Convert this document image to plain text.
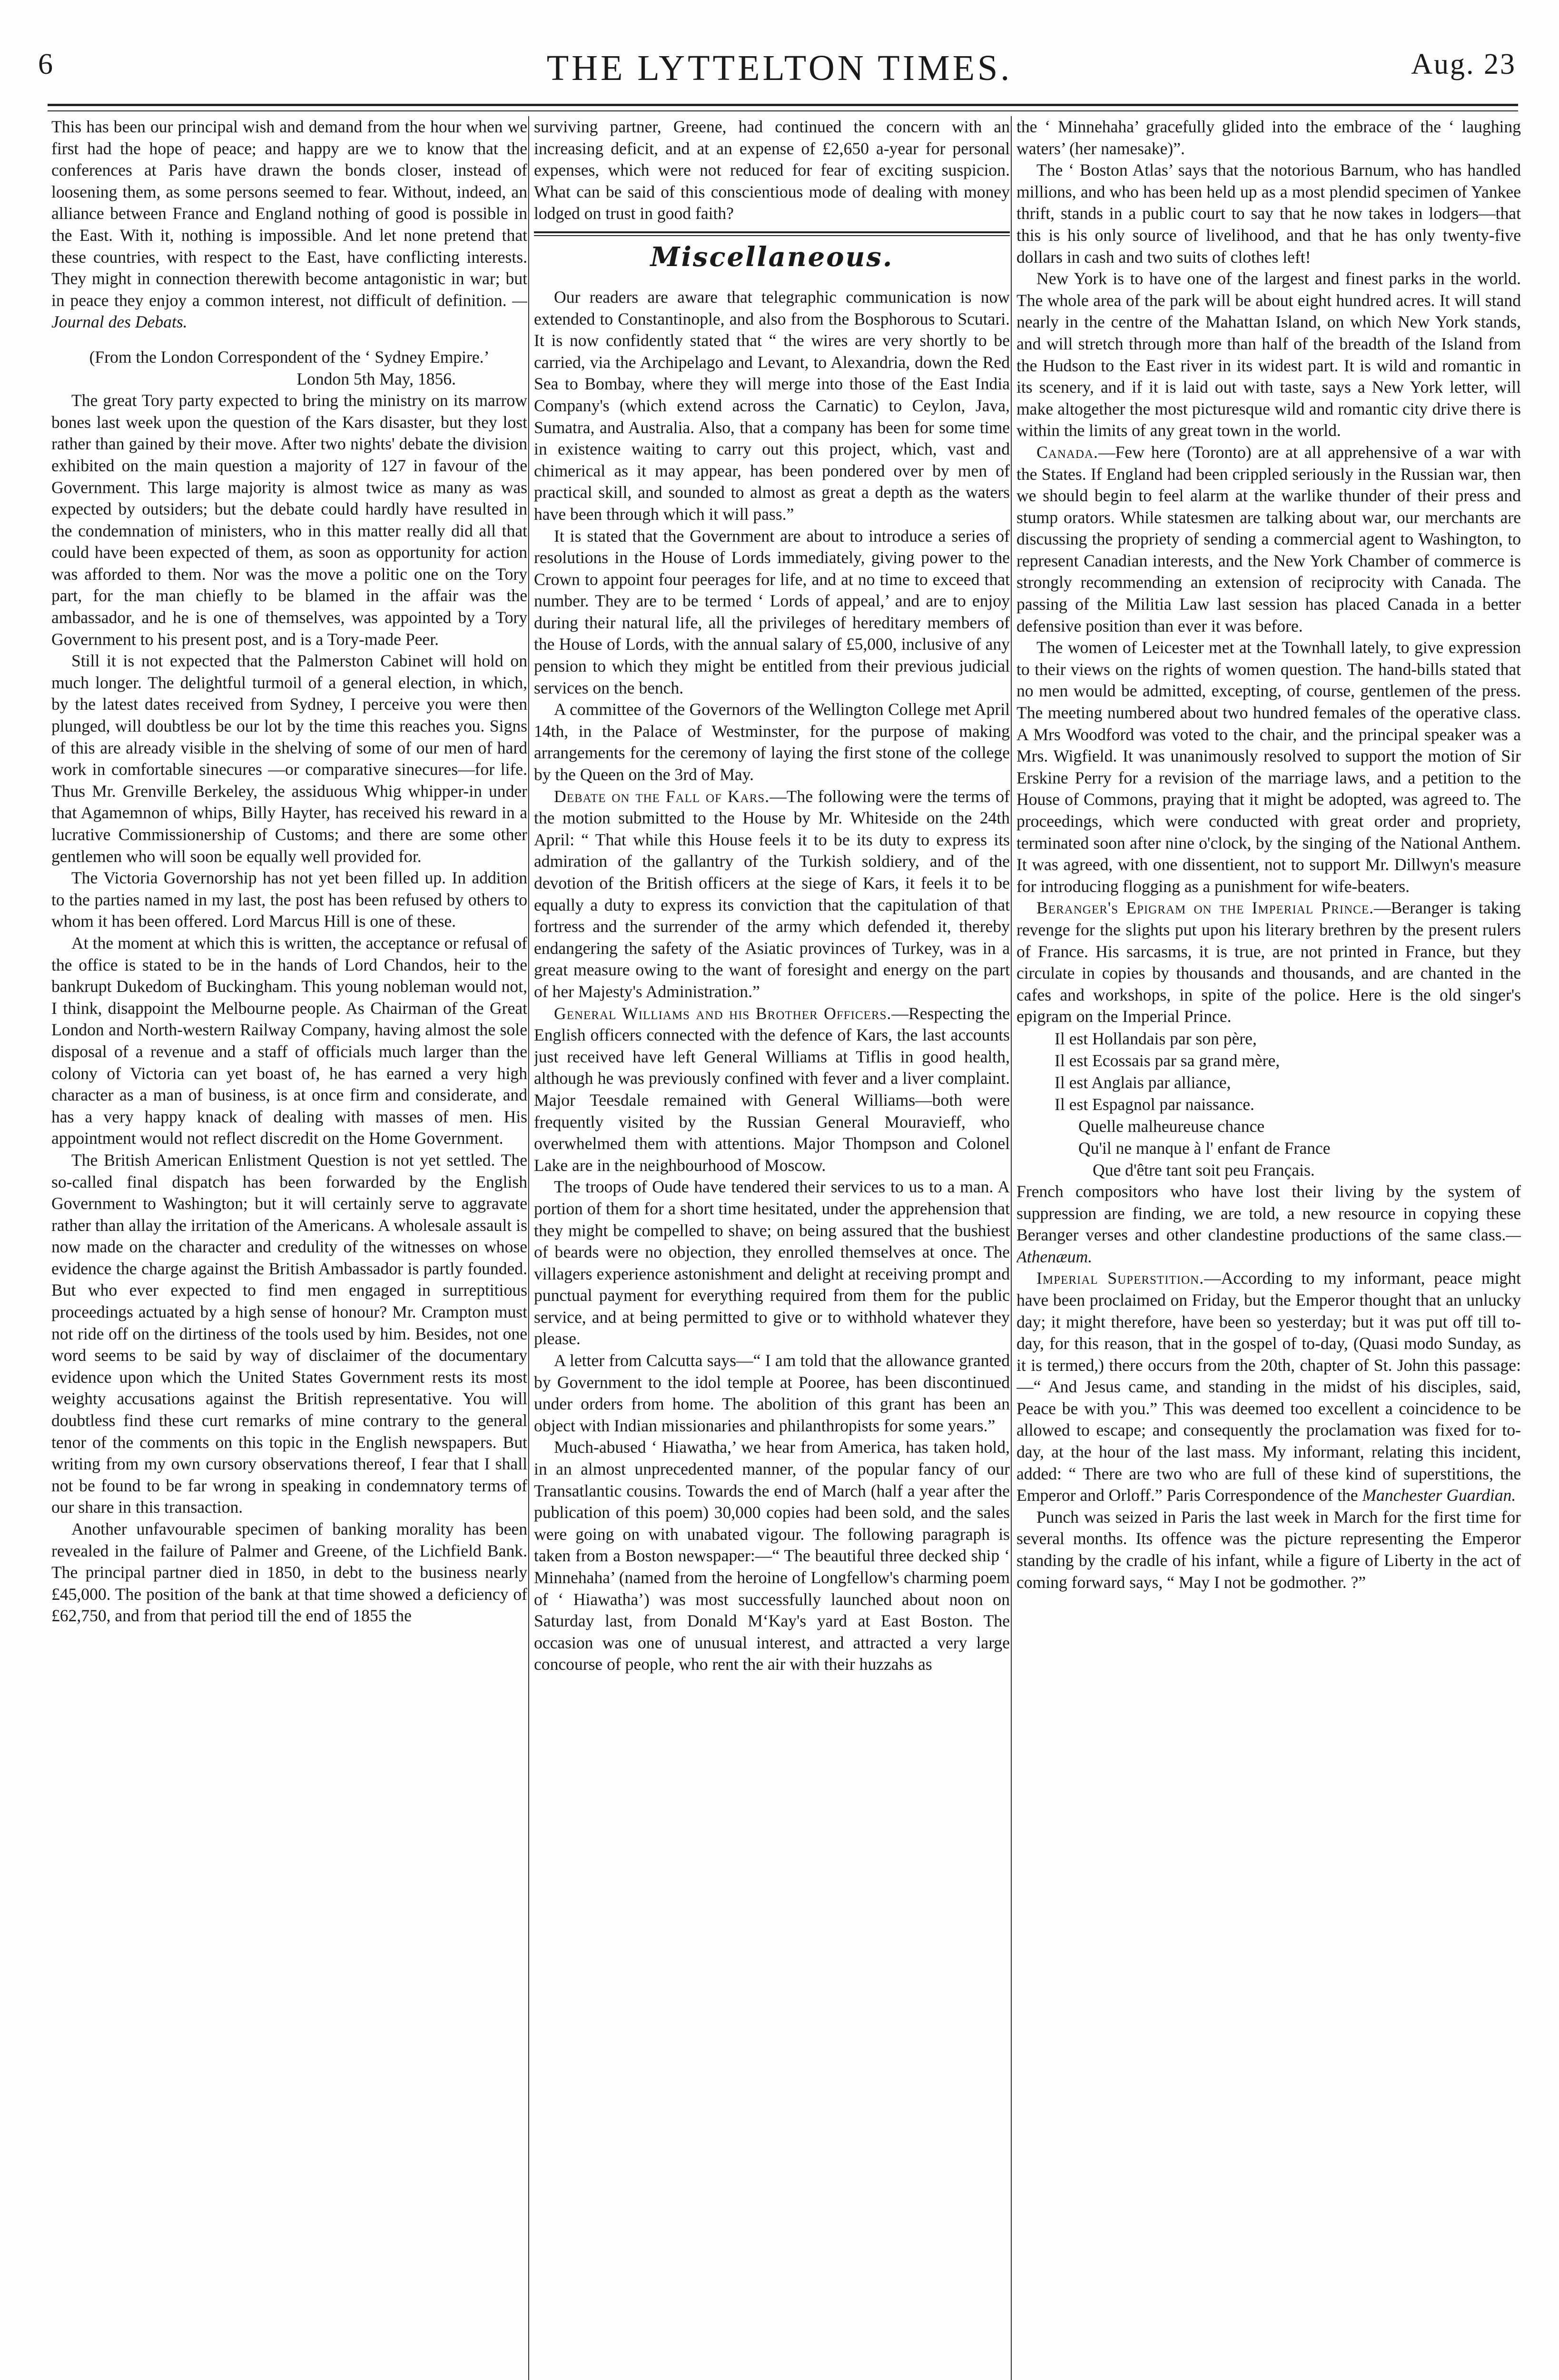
6	THE LYTTELTON TIMES.	Aug. 23

This has been our principal wish and demand from the hour when we first had the hope of peace; and happy are we to know that the conferences at Paris have drawn the bonds closer, instead of loosening them, as some persons seemed to fear. Without, indeed, an alliance between France and England nothing of good is possible in the East. With it, nothing is impossible. And let none pretend that these countries, with respect to the East, have conflicting interests. They might in connection therewith become antagonistic in war; but in peace they enjoy a common interest, not difficult of definition. —Journal des Debats.

(From the London Correspondent of the ‘ Sydney Empire.’

London 5th May, 1856.

The great Tory party expected to bring the ministry on its marrow bones last week upon the question of the Kars disaster, but they lost rather than gained by their move. After two nights' debate the division exhibited on the main question a majority of 127 in favour of the Government. This large majority is almost twice as many as was expected by outsiders; but the debate could hardly have resulted in the condemnation of ministers, who in this matter really did all that could have been expected of them, as soon as opportunity for action was afforded to them. Nor was the move a politic one on the Tory part, for the man chiefly to be blamed in the affair was the ambassador, and he is one of themselves, was appointed by a Tory Government to his present post, and is a Tory-made Peer.

Still it is not expected that the Palmerston Cabinet will hold on much longer. The delightful turmoil of a general election, in which, by the latest dates received from Sydney, I perceive you were then plunged, will doubtless be our lot by the time this reaches you. Signs of this are already visible in the shelving of some of our men of hard work in comfortable sinecures —or comparative sinecures—for life. Thus Mr. Grenville Berkeley, the assiduous Whig whipper-in under that Agamemnon of whips, Billy Hayter, has received his reward in a lucrative Commissionership of Customs; and there are some other gentlemen who will soon be equally well provided for.

The Victoria Governorship has not yet been filled up. In addition to the parties named in my last, the post has been refused by others to whom it has been offered. Lord Marcus Hill is one of these.

At the moment at which this is written, the acceptance or refusal of the office is stated to be in the hands of Lord Chandos, heir to the bankrupt Dukedom of Buckingham. This young nobleman would not, I think, disappoint the Melbourne people. As Chairman of the Great London and North-western Railway Company, having almost the sole disposal of a revenue and a staff of officials much larger than the colony of Victoria can yet boast of, he has earned a very high character as a man of business, is at once firm and considerate, and has a very happy knack of dealing with masses of men. His appointment would not reflect discredit on the Home Government.

The British American Enlistment Question is not yet settled. The so-called final dispatch has been forwarded by the English Government to Washington; but it will certainly serve to aggravate rather than allay the irritation of the Americans. A wholesale assault is now made on the character and credulity of the witnesses on whose evidence the charge against the British Ambassador is partly founded. But who ever expected to find men engaged in surreptitious proceedings actuated by a high sense of honour? Mr. Crampton must not ride off on the dirtiness of the tools used by him. Besides, not one word seems to be said by way of disclaimer of the documentary evidence upon which the United States Government rests its most weighty accusations against the British representative. You will doubtless find these curt remarks of mine contrary to the general tenor of the comments on this topic in the English newspapers. But writing from my own cursory observations thereof, I fear that I shall not be found to be far wrong in speaking in condemnatory terms of our share in this transaction.

Another unfavourable specimen of banking morality has been revealed in the failure of Palmer and Greene, of the Lichfield Bank. The principal partner died in 1850, in debt to the business nearly £45,000. The position of the bank at that time showed a deficiency of £62,750, and from that period till the end of 1855 the

surviving partner, Greene, had continued the concern with an increasing deficit, and at an expense of £2,650 a-year for personal expenses, which were not reduced for fear of exciting suspicion. What can be said of this conscientious mode of dealing with money lodged on trust in good faith?

Miscellaneous.

Our readers are aware that telegraphic communication is now extended to Constantinople, and also from the Bosphorous to Scutari. It is now confidently stated that “ the wires are very shortly to be carried, via the Archipelago and Levant, to Alexandria, down the Red Sea to Bombay, where they will merge into those of the East India Company's (which extend across the Carnatic) to Ceylon, Java, Sumatra, and Australia. Also, that a company has been for some time in existence waiting to carry out this project, which, vast and chimerical as it may appear, has been pondered over by men of practical skill, and sounded to almost as great a depth as the waters have been through which it will pass.”

It is stated that the Government are about to introduce a series of resolutions in the House of Lords immediately, giving power to the Crown to appoint four peerages for life, and at no time to exceed that number. They are to be termed ‘ Lords of appeal,’ and are to enjoy during their natural life, all the privileges of hereditary members of the House of Lords, with the annual salary of £5,000, inclusive of any pension to which they might be entitled from their previous judicial services on the bench.

A committee of the Governors of the Wellington College met April 14th, in the Palace of Westminster, for the purpose of making arrangements for the ceremony of laying the first stone of the college by the Queen on the 3rd of May.

Debate on the Fall of Kars.—The following were the terms of the motion submitted to the House by Mr. Whiteside on the 24th April: “ That while this House feels it to be its duty to express its admiration of the gallantry of the Turkish soldiery, and of the devotion of the British officers at the siege of Kars, it feels it to be equally a duty to express its conviction that the capitulation of that fortress and the surrender of the army which defended it, thereby endangering the safety of the Asiatic provinces of Turkey, was in a great measure owing to the want of foresight and energy on the part of her Majesty's Administration.”

General Williams and his Brother Officers.—Respecting the English officers connected with the defence of Kars, the last accounts just received have left General Williams at Tiflis in good health, although he was previously confined with fever and a liver complaint. Major Teesdale remained with General Williams—both were frequently visited by the Russian General Mouravieff, who overwhelmed them with attentions. Major Thompson and Colonel Lake are in the neighbourhood of Moscow.

The troops of Oude have tendered their services to us to a man. A portion of them for a short time hesitated, under the apprehension that they might be compelled to shave; on being assured that the bushiest of beards were no objection, they enrolled themselves at once. The villagers experience astonishment and delight at receiving prompt and punctual payment for everything required from them for the public service, and at being permitted to give or to withhold whatever they please.

A letter from Calcutta says—“ I am told that the allowance granted by Government to the idol temple at Pooree, has been discontinued under orders from home. The abolition of this grant has been an object with Indian missionaries and philanthropists for some years.”

Much-abused ‘ Hiawatha,’ we hear from America, has taken hold, in an almost unprecedented manner, of the popular fancy of our Transatlantic cousins. Towards the end of March (half a year after the publication of this poem) 30,000 copies had been sold, and the sales were going on with unabated vigour. The following paragraph is taken from a Boston newspaper:—“ The beautiful three decked ship ‘ Minnehaha’ (named from the heroine of Longfellow's charming poem of ‘ Hiawatha’) was most successfully launched about noon on Saturday last, from Donald M‘Kay's yard at East Boston. The occasion was one of unusual interest, and attracted a very large concourse of people, who rent the air with their huzzahs as

the ‘ Minnehaha’ gracefully glided into the embrace of the ‘ laughing waters’ (her namesake)”.

The ‘ Boston Atlas’ says that the notorious Barnum, who has handled millions, and who has been held up as a most plendid specimen of Yankee thrift, stands in a public court to say that he now takes in lodgers—that this is his only source of livelihood, and that he has only twenty-five dollars in cash and two suits of clothes left!

New York is to have one of the largest and finest parks in the world. The whole area of the park will be about eight hundred acres. It will stand nearly in the centre of the Mahattan Island, on which New York stands, and will stretch through more than half of the breadth of the Island from the Hudson to the East river in its widest part. It is wild and romantic in its scenery, and if it is laid out with taste, says a New York letter, will make altogether the most picturesque wild and romantic city drive there is within the limits of any great town in the world.

Canada.—Few here (Toronto) are at all apprehensive of a war with the States. If England had been crippled seriously in the Russian war, then we should begin to feel alarm at the warlike thunder of their press and stump orators. While statesmen are talking about war, our merchants are discussing the propriety of sending a commercial agent to Washington, to represent Canadian interests, and the New York Chamber of commerce is strongly recommending an extension of reciprocity with Canada. The passing of the Militia Law last session has placed Canada in a better defensive position than ever it was before.

The women of Leicester met at the Townhall lately, to give expression to their views on the rights of women question. The hand-bills stated that no men would be admitted, excepting, of course, gentlemen of the press. The meeting numbered about two hundred females of the operative class. A Mrs Woodford was voted to the chair, and the principal speaker was a Mrs. Wigfield. It was unanimously resolved to support the motion of Sir Erskine Perry for a revision of the marriage laws, and a petition to the House of Commons, praying that it might be adopted, was agreed to. The proceedings, which were conducted with great order and propriety, terminated soon after nine o'clock, by the singing of the National Anthem. It was agreed, with one dissentient, not to support Mr. Dillwyn's measure for introducing flogging as a punishment for wife-beaters.

Beranger's Epigram on the Imperial Prince.—Beranger is taking revenge for the slights put upon his literary brethren by the present rulers of France. His sarcasms, it is true, are not printed in France, but they circulate in copies by thousands and thousands, and are chanted in the cafes and workshops, in spite of the police. Here is the old singer's epigram on the Imperial Prince.

Il est Hollandais par son père,

Il est Ecossais par sa grand mère,

Il est Anglais par alliance,

Il est Espagnol par naissance.

Quelle malheureuse chance

Qu'il ne manque à l' enfant de France

Que d'être tant soit peu Français.

French compositors who have lost their living by the system of suppression are finding, we are told, a new resource in copying these Beranger verses and other clandestine productions of the same class.—Athenæum.

Imperial Superstition.—According to my informant, peace might have been proclaimed on Friday, but the Emperor thought that an unlucky day; it might therefore, have been so yesterday; but it was put off till to-day, for this reason, that in the gospel of to-day, (Quasi modo Sunday, as it is termed,) there occurs from the 20th, chapter of St. John this passage:—“ And Jesus came, and standing in the midst of his disciples, said, Peace be with you.” This was deemed too excellent a coincidence to be allowed to escape; and consequently the proclamation was fixed for to-day, at the hour of the last mass. My informant, relating this incident, added: “ There are two who are full of these kind of superstitions, the Emperor and Orloff.” Paris Correspondence of the Manchester Guardian.

Punch was seized in Paris the last week in March for the first time for several months. Its offence was the picture representing the Emperor standing by the cradle of his infant, while a figure of Liberty in the act of coming forward says, “ May I not be godmother. ?”
